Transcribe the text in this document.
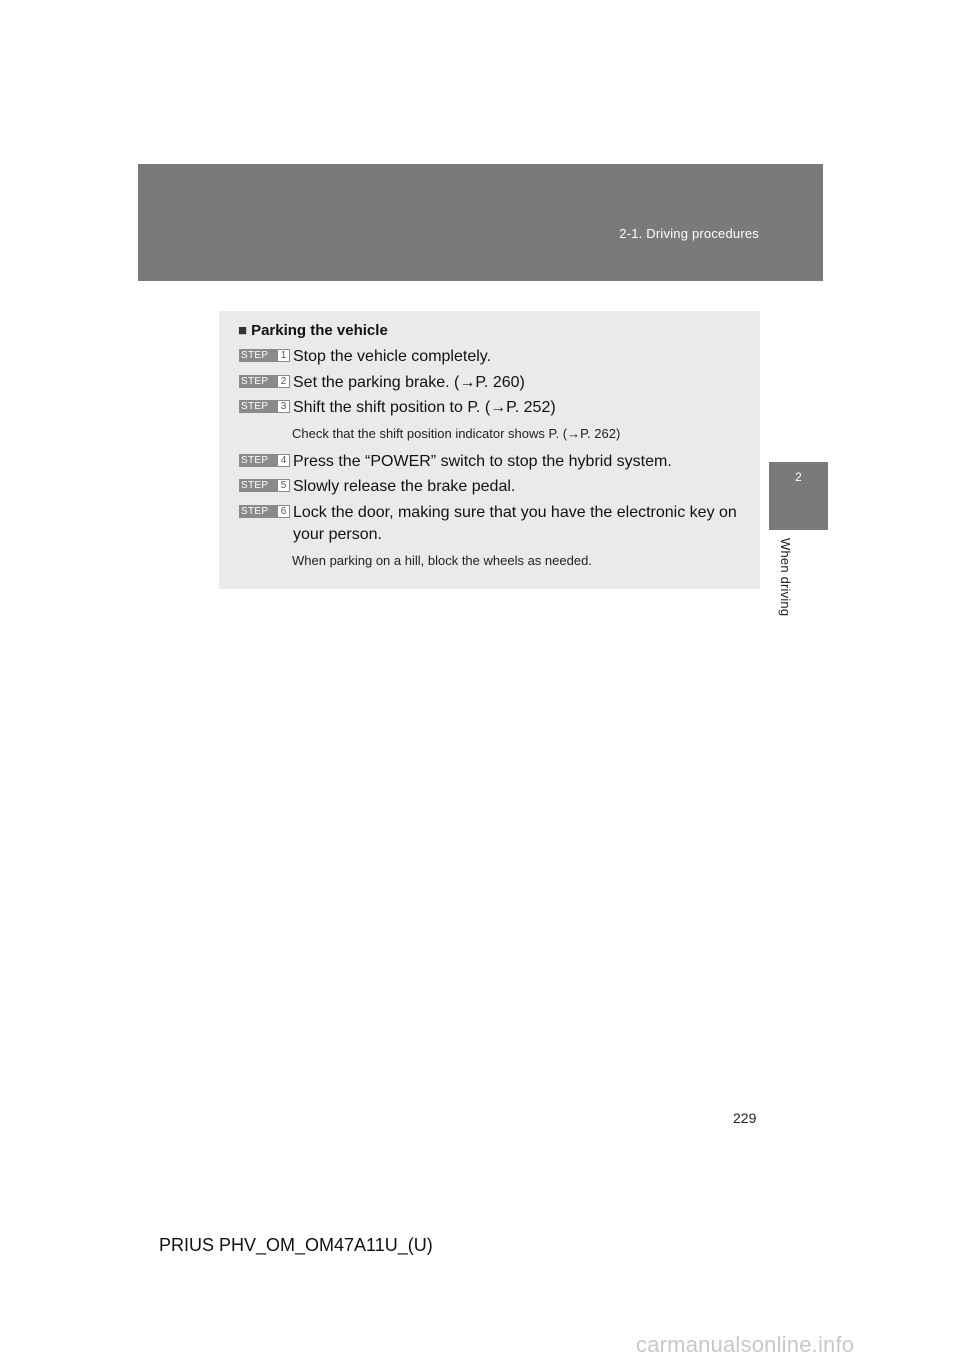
2-1. Driving procedures
2
When driving
■ Parking the vehicle
STEP 1 Stop the vehicle completely.
STEP 2 Set the parking brake. (→P. 260)
STEP 3 Shift the shift position to P. (→P. 252)
Check that the shift position indicator shows P. (→P. 262)
STEP 4 Press the “POWER” switch to stop the hybrid system.
STEP 5 Slowly release the brake pedal.
STEP 6 Lock the door, making sure that you have the electronic key on your person.
When parking on a hill, block the wheels as needed.
229
PRIUS PHV_OM_OM47A11U_(U)
carmanualsonline.info
